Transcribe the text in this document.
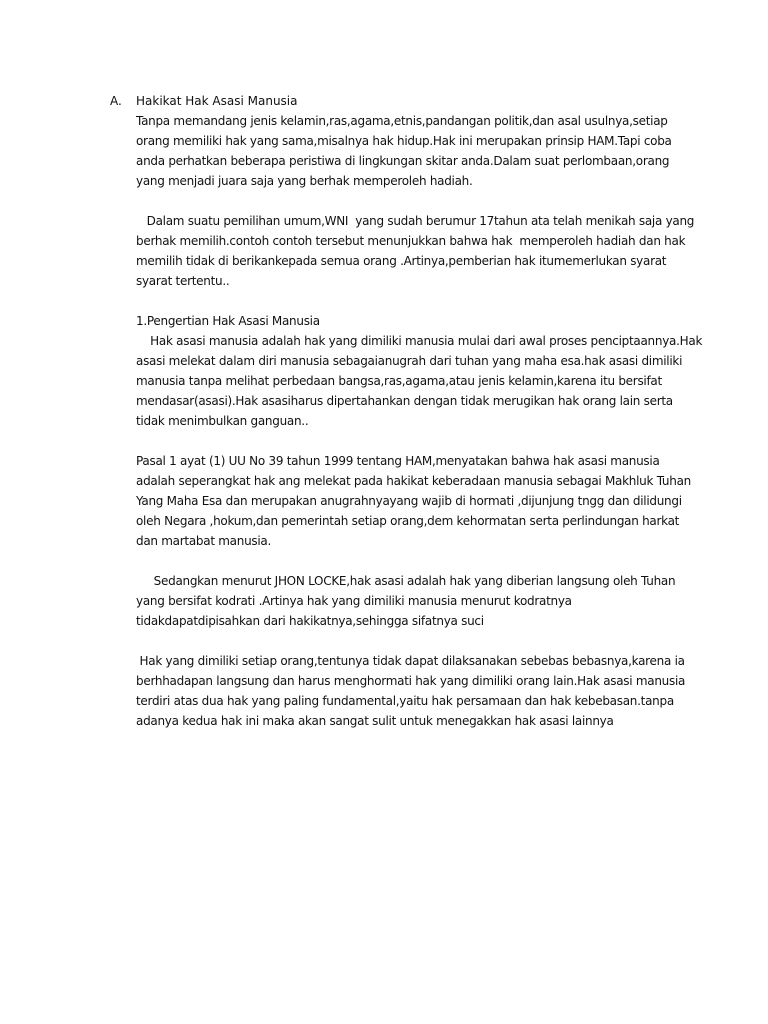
A. Hakikat Hak Asasi Manusia
Tanpa memandang jenis kelamin,ras,agama,etnis,pandangan politik,dan asal usulnya,setiap
orang memiliki hak yang sama,misalnya hak hidup.Hak ini merupakan prinsip HAM.Tapi coba
anda perhatkan beberapa peristiwa di lingkungan skitar anda.Dalam suat perlombaan,orang
yang menjadi juara saja yang berhak memperoleh hadiah.
Dalam suatu pemilihan umum,WNI  yang sudah berumur 17tahun ata telah menikah saja yang
berhak memilih.contoh contoh tersebut menunjukkan bahwa hak  memperoleh hadiah dan hak
memilih tidak di berikankepada semua orang .Artinya,pemberian hak itumemerlukan syarat
syarat tertentu..
1.Pengertian Hak Asasi Manusia
Hak asasi manusia adalah hak yang dimiliki manusia mulai dari awal proses penciptaannya.Hak
asasi melekat dalam diri manusia sebagaianugrah dari tuhan yang maha esa.hak asasi dimiliki
manusia tanpa melihat perbedaan bangsa,ras,agama,atau jenis kelamin,karena itu bersifat
mendasar(asasi).Hak asasiharus dipertahankan dengan tidak merugikan hak orang lain serta
tidak menimbulkan ganguan..
Pasal 1 ayat (1) UU No 39 tahun 1999 tentang HAM,menyatakan bahwa hak asasi manusia
adalah seperangkat hak ang melekat pada hakikat keberadaan manusia sebagai Makhluk Tuhan
Yang Maha Esa dan merupakan anugrahnyayang wajib di hormati ,dijunjung tngg dan dilidungi
oleh Negara ,hokum,dan pemerintah setiap orang,dem kehormatan serta perlindungan harkat
dan martabat manusia.
Sedangkan menurut JHON LOCKE,hak asasi adalah hak yang diberian langsung oleh Tuhan
yang bersifat kodrati .Artinya hak yang dimiliki manusia menurut kodratnya
tidakdapatdipisahkan dari hakikatnya,sehingga sifatnya suci
Hak yang dimiliki setiap orang,tentunya tidak dapat dilaksanakan sebebas bebasnya,karena ia
berhhadapan langsung dan harus menghormati hak yang dimiliki orang lain.Hak asasi manusia
terdiri atas dua hak yang paling fundamental,yaitu hak persamaan dan hak kebebasan.tanpa
adanya kedua hak ini maka akan sangat sulit untuk menegakkan hak asasi lainnya
